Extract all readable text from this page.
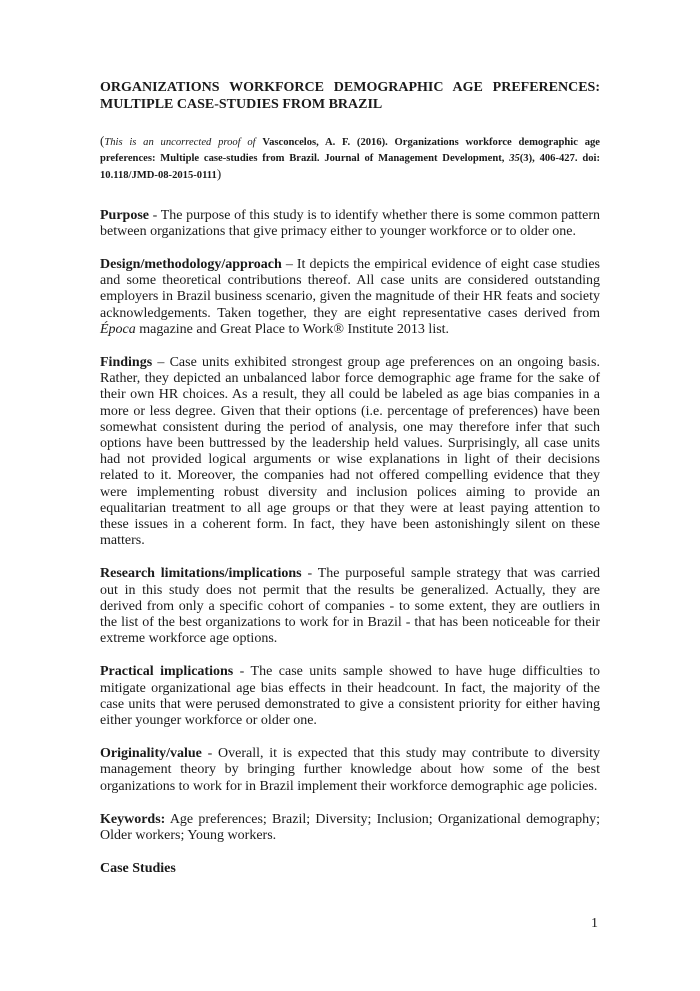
ORGANIZATIONS WORKFORCE DEMOGRAPHIC AGE PREFERENCES: MULTIPLE CASE-STUDIES FROM BRAZIL

(This is an uncorrected proof of Vasconcelos, A. F. (2016). Organizations workforce demographic age preferences: Multiple case-studies from Brazil. Journal of Management Development, 35(3), 406-427. doi: 10.118/JMD-08-2015-0111)

Purpose - The purpose of this study is to identify whether there is some common pattern between organizations that give primacy either to younger workforce or to older one.

Design/methodology/approach – It depicts the empirical evidence of eight case studies and some theoretical contributions thereof. All case units are considered outstanding employers in Brazil business scenario, given the magnitude of their HR feats and society acknowledgements. Taken together, they are eight representative cases derived from Época magazine and Great Place to Work® Institute 2013 list.

Findings – Case units exhibited strongest group age preferences on an ongoing basis. Rather, they depicted an unbalanced labor force demographic age frame for the sake of their own HR choices. As a result, they all could be labeled as age bias companies in a more or less degree. Given that their options (i.e. percentage of preferences) have been somewhat consistent during the period of analysis, one may therefore infer that such options have been buttressed by the leadership held values. Surprisingly, all case units had not provided logical arguments or wise explanations in light of their decisions related to it. Moreover, the companies had not offered compelling evidence that they were implementing robust diversity and inclusion polices aiming to provide an equalitarian treatment to all age groups or that they were at least paying attention to these issues in a coherent form. In fact, they have been astonishingly silent on these matters.

Research limitations/implications - The purposeful sample strategy that was carried out in this study does not permit that the results be generalized. Actually, they are derived from only a specific cohort of companies - to some extent, they are outliers in the list of the best organizations to work for in Brazil - that has been noticeable for their extreme workforce age options.

Practical implications - The case units sample showed to have huge difficulties to mitigate organizational age bias effects in their headcount. In fact, the majority of the case units that were perused demonstrated to give a consistent priority for either having either younger workforce or older one.

Originality/value - Overall, it is expected that this study may contribute to diversity management theory by bringing further knowledge about how some of the best organizations to work for in Brazil implement their workforce demographic age policies.

Keywords: Age preferences; Brazil; Diversity; Inclusion; Organizational demography; Older workers; Young workers.

Case Studies
1
